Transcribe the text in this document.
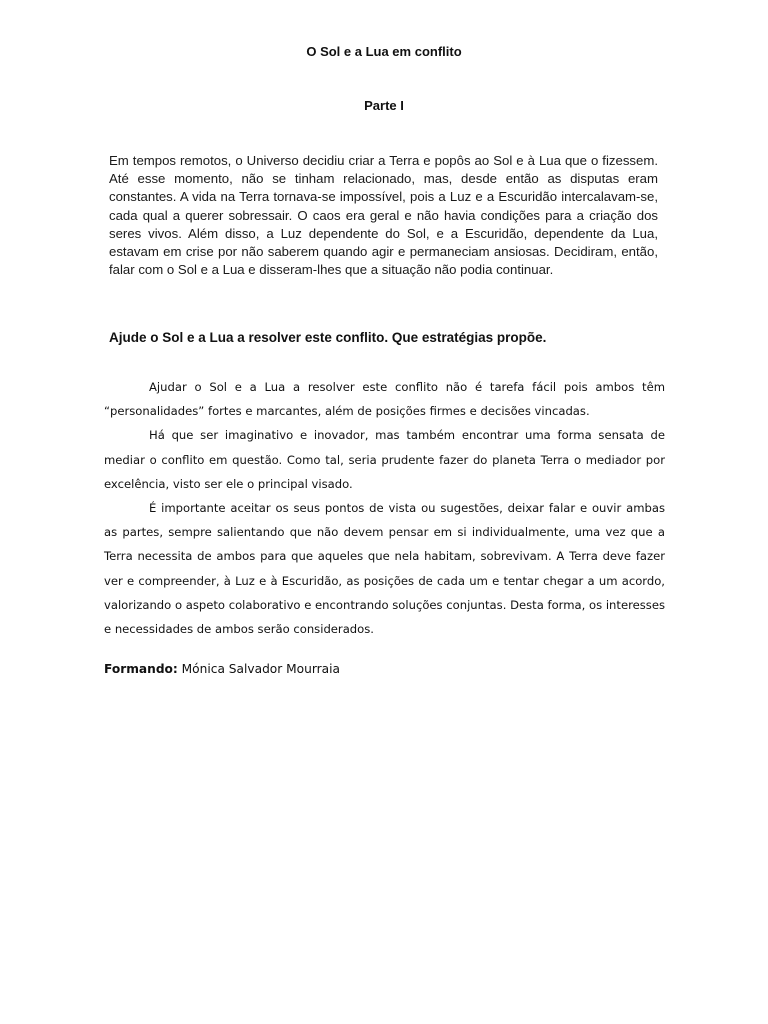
O Sol e a Lua em conflito
Parte I
Em tempos remotos, o Universo decidiu criar a Terra e popôs ao Sol e à Lua que o fizessem. Até esse momento, não se tinham relacionado, mas, desde então as disputas eram constantes. A vida na Terra tornava-se impossível, pois a Luz e a Escuridão intercalavam-se, cada qual a querer sobressair. O caos era geral e não havia condições para a criação dos seres vivos. Além disso, a Luz dependente do Sol, e a Escuridão, dependente da Lua, estavam em crise por não saberem quando agir e permaneciam ansiosas. Decidiram, então, falar com o Sol e a Lua e disseram-lhes que a situação não podia continuar.
Ajude o Sol e a Lua a resolver este conflito. Que estratégias propõe.

Ajudar o Sol e a Lua a resolver este conflito não é tarefa fácil pois ambos têm “personalidades” fortes e marcantes, além de posições firmes e decisões vincadas.

Há que ser imaginativo e inovador, mas também encontrar uma forma sensata de mediar o conflito em questão. Como tal, seria prudente fazer do planeta Terra o mediador por excelência, visto ser ele o principal visado.

É importante aceitar os seus pontos de vista ou sugestões, deixar falar e ouvir ambas as partes, sempre salientando que não devem pensar em si individualmente, uma vez que a Terra necessita de ambos para que aqueles que nela habitam, sobrevivam. A Terra deve fazer ver e compreender, à Luz e à Escuridão, as posições de cada um e tentar chegar a um acordo, valorizando o aspeto colaborativo e encontrando soluções conjuntas. Desta forma, os interesses e necessidades de ambos serão considerados.

Formando: Mónica Salvador Mourraia
